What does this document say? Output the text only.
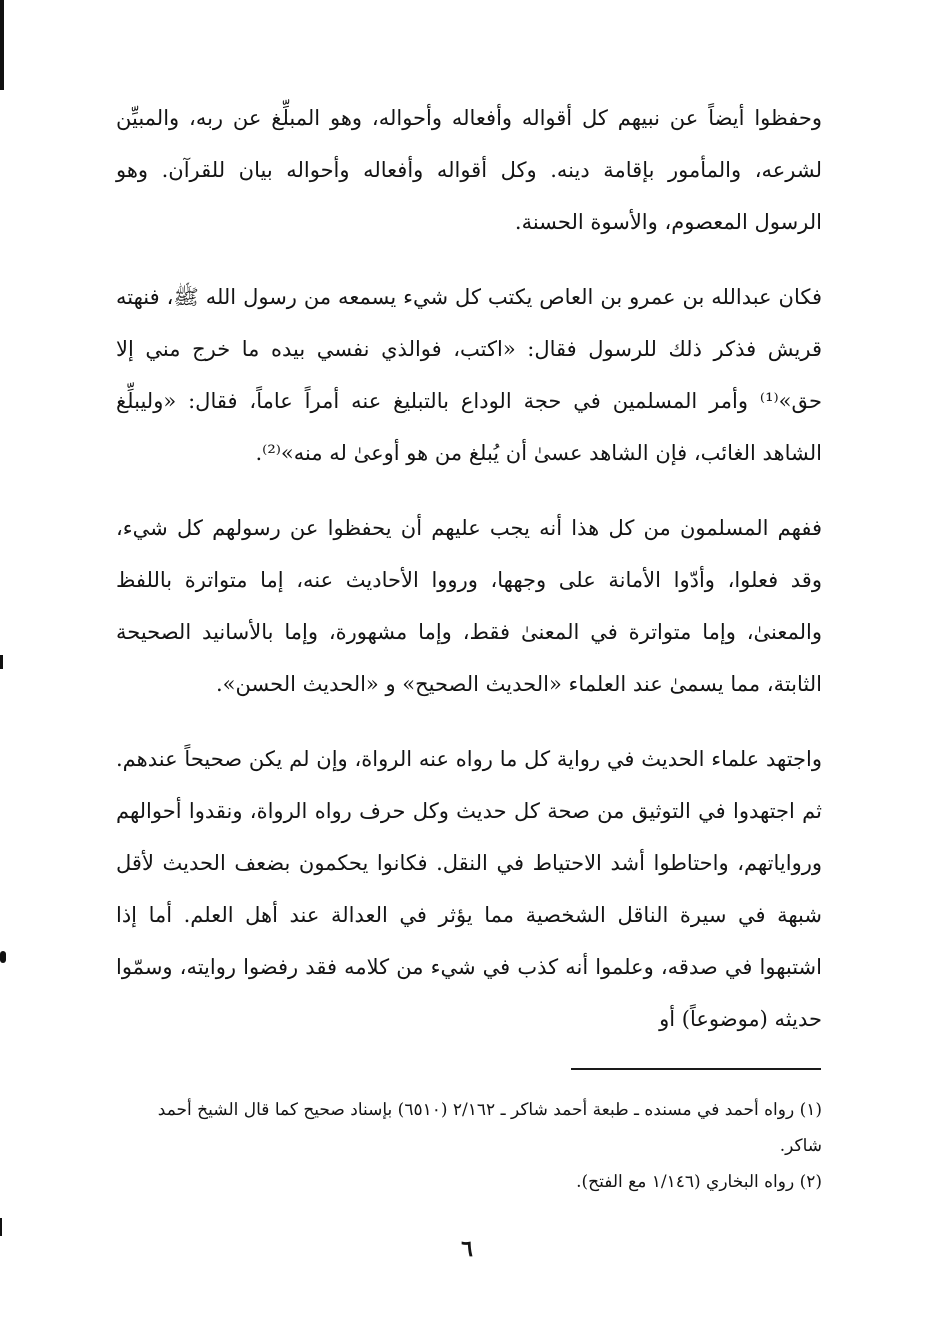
وحفظوا أيضاً عن نبيهم كل أقواله وأفعاله وأحواله، وهو المبلِّغ عن ربه، والمبيِّن لشرعه، والمأمور بإقامة دينه. وكل أقواله وأفعاله وأحواله بيان للقرآن. وهو الرسول المعصوم، والأسوة الحسنة.

فكان عبدالله بن عمرو بن العاص يكتب كل شيء يسمعه من رسول الله ﷺ، فنهته قريش فذكر ذلك للرسول فقال: «اكتب، فوالذي نفسي بيده ما خرج مني إلا حق»⁽¹⁾ وأمر المسلمين في حجة الوداع بالتبليغ عنه أمراً عاماً، فقال: «وليبلِّغ الشاهد الغائب، فإن الشاهد عسىٰ أن يُبلغ من هو أوعىٰ له منه»⁽²⁾.

ففهم المسلمون من كل هذا أنه يجب عليهم أن يحفظوا عن رسولهم كل شيء، وقد فعلوا، وأدّوا الأمانة على وجهها، ورووا الأحاديث عنه، إما متواترة باللفظ والمعنىٰ، وإما متواترة في المعنىٰ فقط، وإما مشهورة، وإما بالأسانيد الصحيحة الثابتة، مما يسمىٰ عند العلماء «الحديث الصحيح» و «الحديث الحسن».

واجتهد علماء الحديث في رواية كل ما رواه عنه الرواة، وإن لم يكن صحيحاً عندهم. ثم اجتهدوا في التوثيق من صحة كل حديث وكل حرف رواه الرواة، ونقدوا أحوالهم ورواياتهم، واحتاطوا أشد الاحتياط في النقل. فكانوا يحكمون بضعف الحديث لأقل شبهة في سيرة الناقل الشخصية مما يؤثر في العدالة عند أهل العلم. أما إذا اشتبهوا في صدقه، وعلموا أنه كذب في شيء من كلامه فقد رفضوا روايته، وسمّوا حديثه (موضوعاً) أو

(١) رواه أحمد في مسنده ـ طبعة أحمد شاكر ـ ٢/١٦٢ (٦٥١٠) بإسناد صحيح كما قال الشيخ أحمد شاكر.

(٢) رواه البخاري (١/١٤٦ مع الفتح).

٦
